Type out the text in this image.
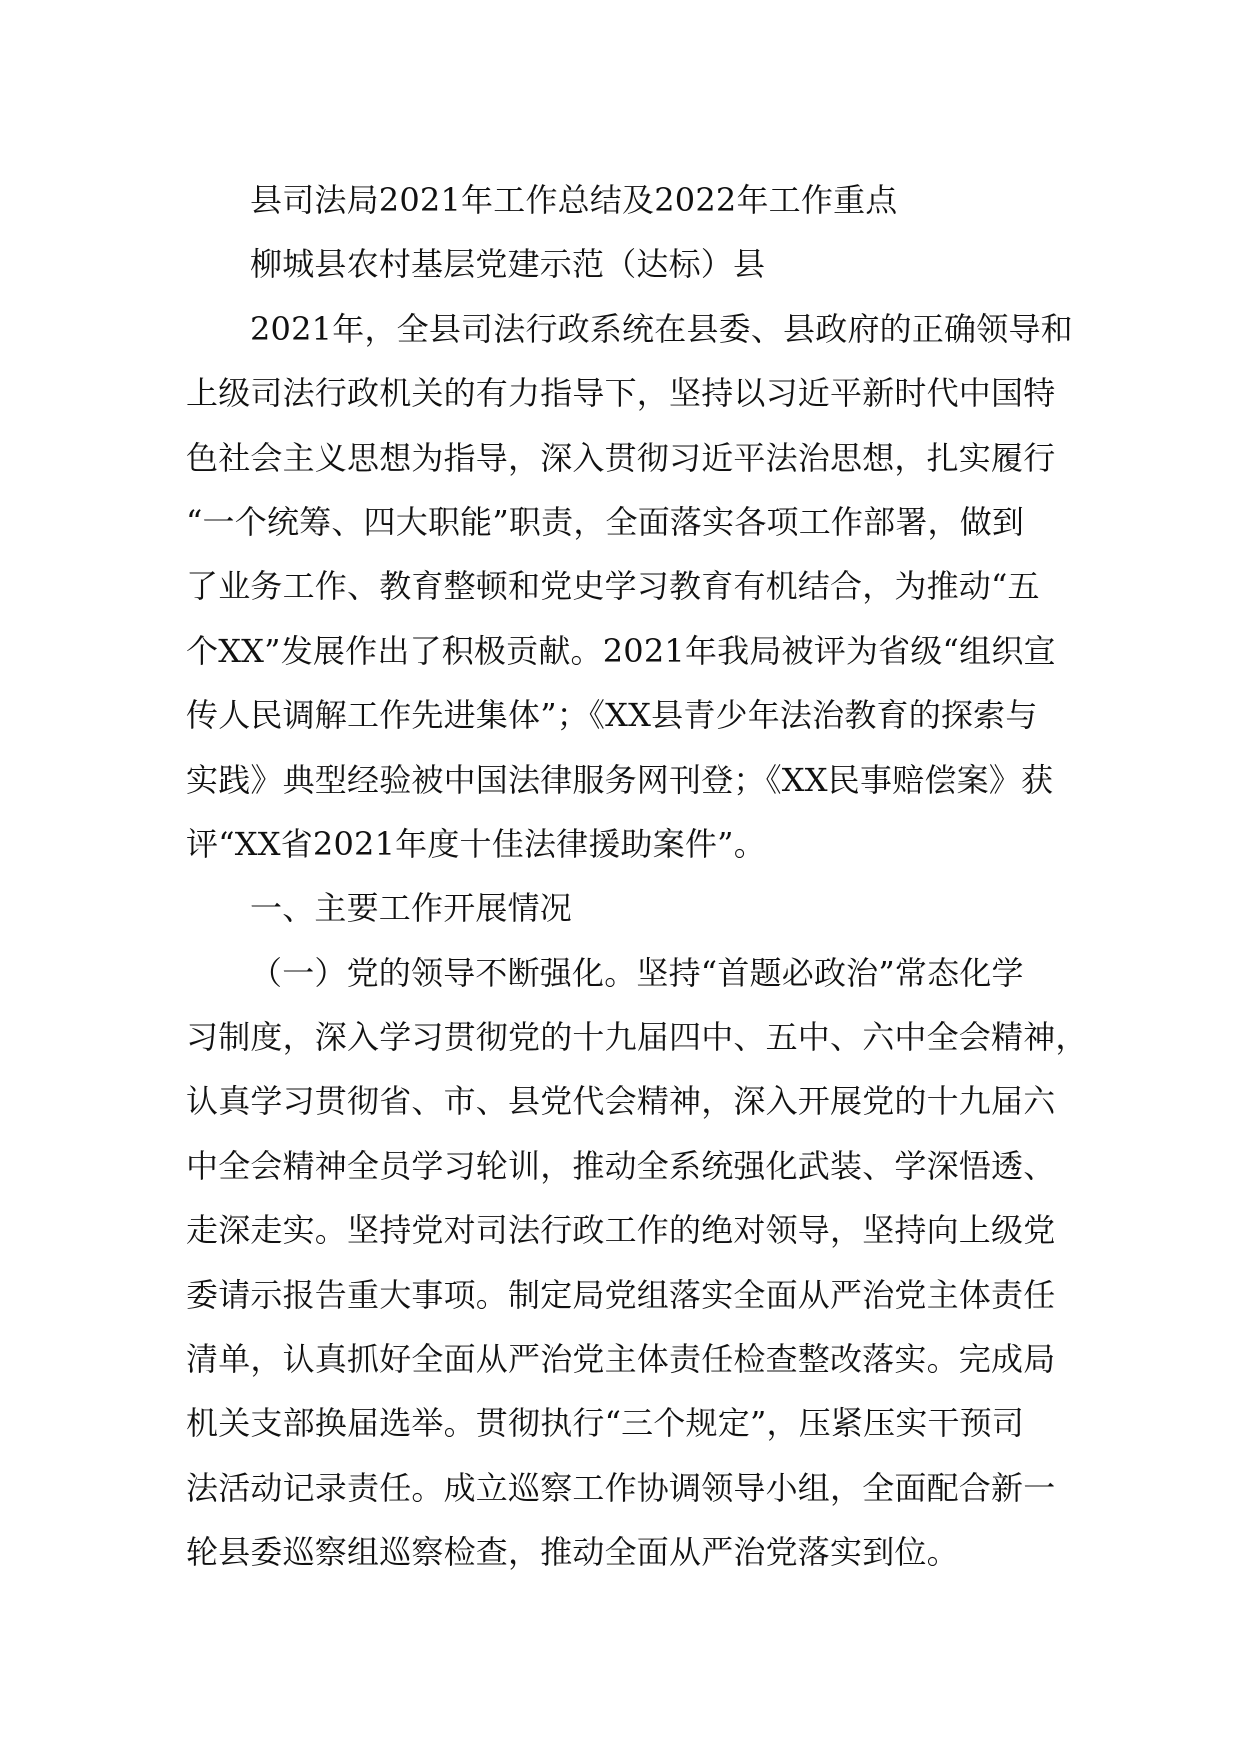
县司法局2021年工作总结及2022年工作重点
柳城县农村基层党建示范（达标）县
2021年，全县司法行政系统在县委、县政府的正确领导和
上级司法行政机关的有力指导下，坚持以习近平新时代中国特
色社会主义思想为指导，深入贯彻习近平法治思想，扎实履行
“一个统筹、四大职能”职责，全面落实各项工作部署，做到
了业务工作、教育整顿和党史学习教育有机结合，为推动“五
个XX”发展作出了积极贡献。2021年我局被评为省级“组织宣
传人民调解工作先进集体”；《XX县青少年法治教育的探索与
实践》典型经验被中国法律服务网刊登；《XX民事赔偿案》获
评“XX省2021年度十佳法律援助案件”。
一、主要工作开展情况
（一）党的领导不断强化。坚持“首题必政治”常态化学
习制度，深入学习贯彻党的十九届四中、五中、六中全会精神，
认真学习贯彻省、市、县党代会精神，深入开展党的十九届六
中全会精神全员学习轮训，推动全系统强化武装、学深悟透、
走深走实。坚持党对司法行政工作的绝对领导，坚持向上级党
委请示报告重大事项。制定局党组落实全面从严治党主体责任
清单，认真抓好全面从严治党主体责任检查整改落实。完成局
机关支部换届选举。贯彻执行“三个规定”，压紧压实干预司
法活动记录责任。成立巡察工作协调领导小组，全面配合新一
轮县委巡察组巡察检查，推动全面从严治党落实到位。
